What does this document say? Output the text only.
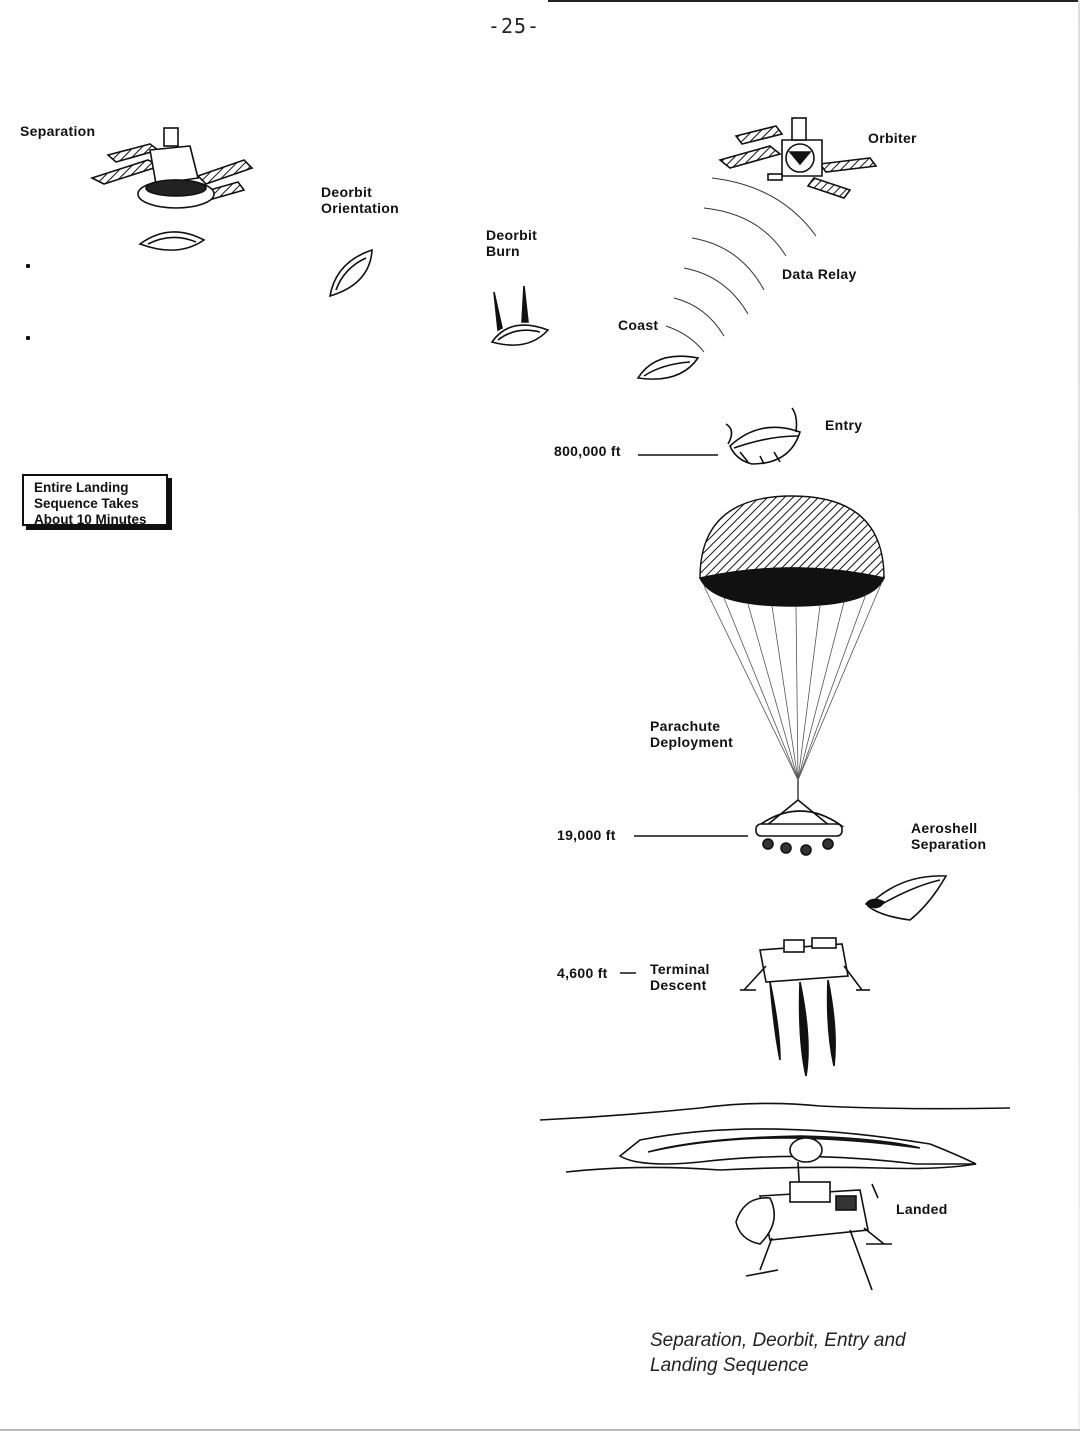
-25-
Separation
Deorbit
Orientation
Deorbit
Burn
Orbiter
Data Relay
Coast
Entry
800,000 ft
Parachute
Deployment
19,000 ft	Aeroshell
Separation
4,600 ft	Terminal
Descent
Landed
Entire Landing
Sequence Takes
About 10 Minutes
Separation, Deorbit, Entry and
Landing Sequence
